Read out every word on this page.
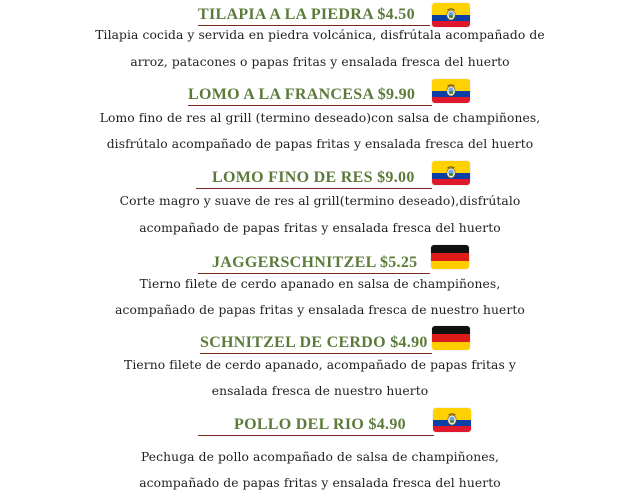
TILAPIA A LA PIEDRA $4.50
Tilapia cocida y servida en piedra volcánica, disfrútala acompañado de
arroz, patacones o papas fritas y ensalada fresca del huerto
LOMO A LA FRANCESA $9.90
Lomo fino de res al grill (termino deseado)con salsa de champiñones,
disfrútalo acompañado de papas fritas y ensalada fresca del huerto
LOMO FINO DE RES $9.00
Corte magro y suave de res al grill(termino deseado),disfrútalo
acompañado de papas fritas y ensalada fresca del huerto
JAGGERSCHNITZEL $5.25
Tierno filete de cerdo apanado en salsa de champiñones,
acompañado de papas fritas y ensalada fresca de nuestro huerto
SCHNITZEL DE CERDO $4.90
Tierno filete de cerdo apanado, acompañado de papas fritas y
ensalada fresca de nuestro huerto
POLLO DEL RIO $4.90
Pechuga de pollo acompañado de salsa de champiñones,
acompañado de papas fritas y ensalada fresca del huerto
